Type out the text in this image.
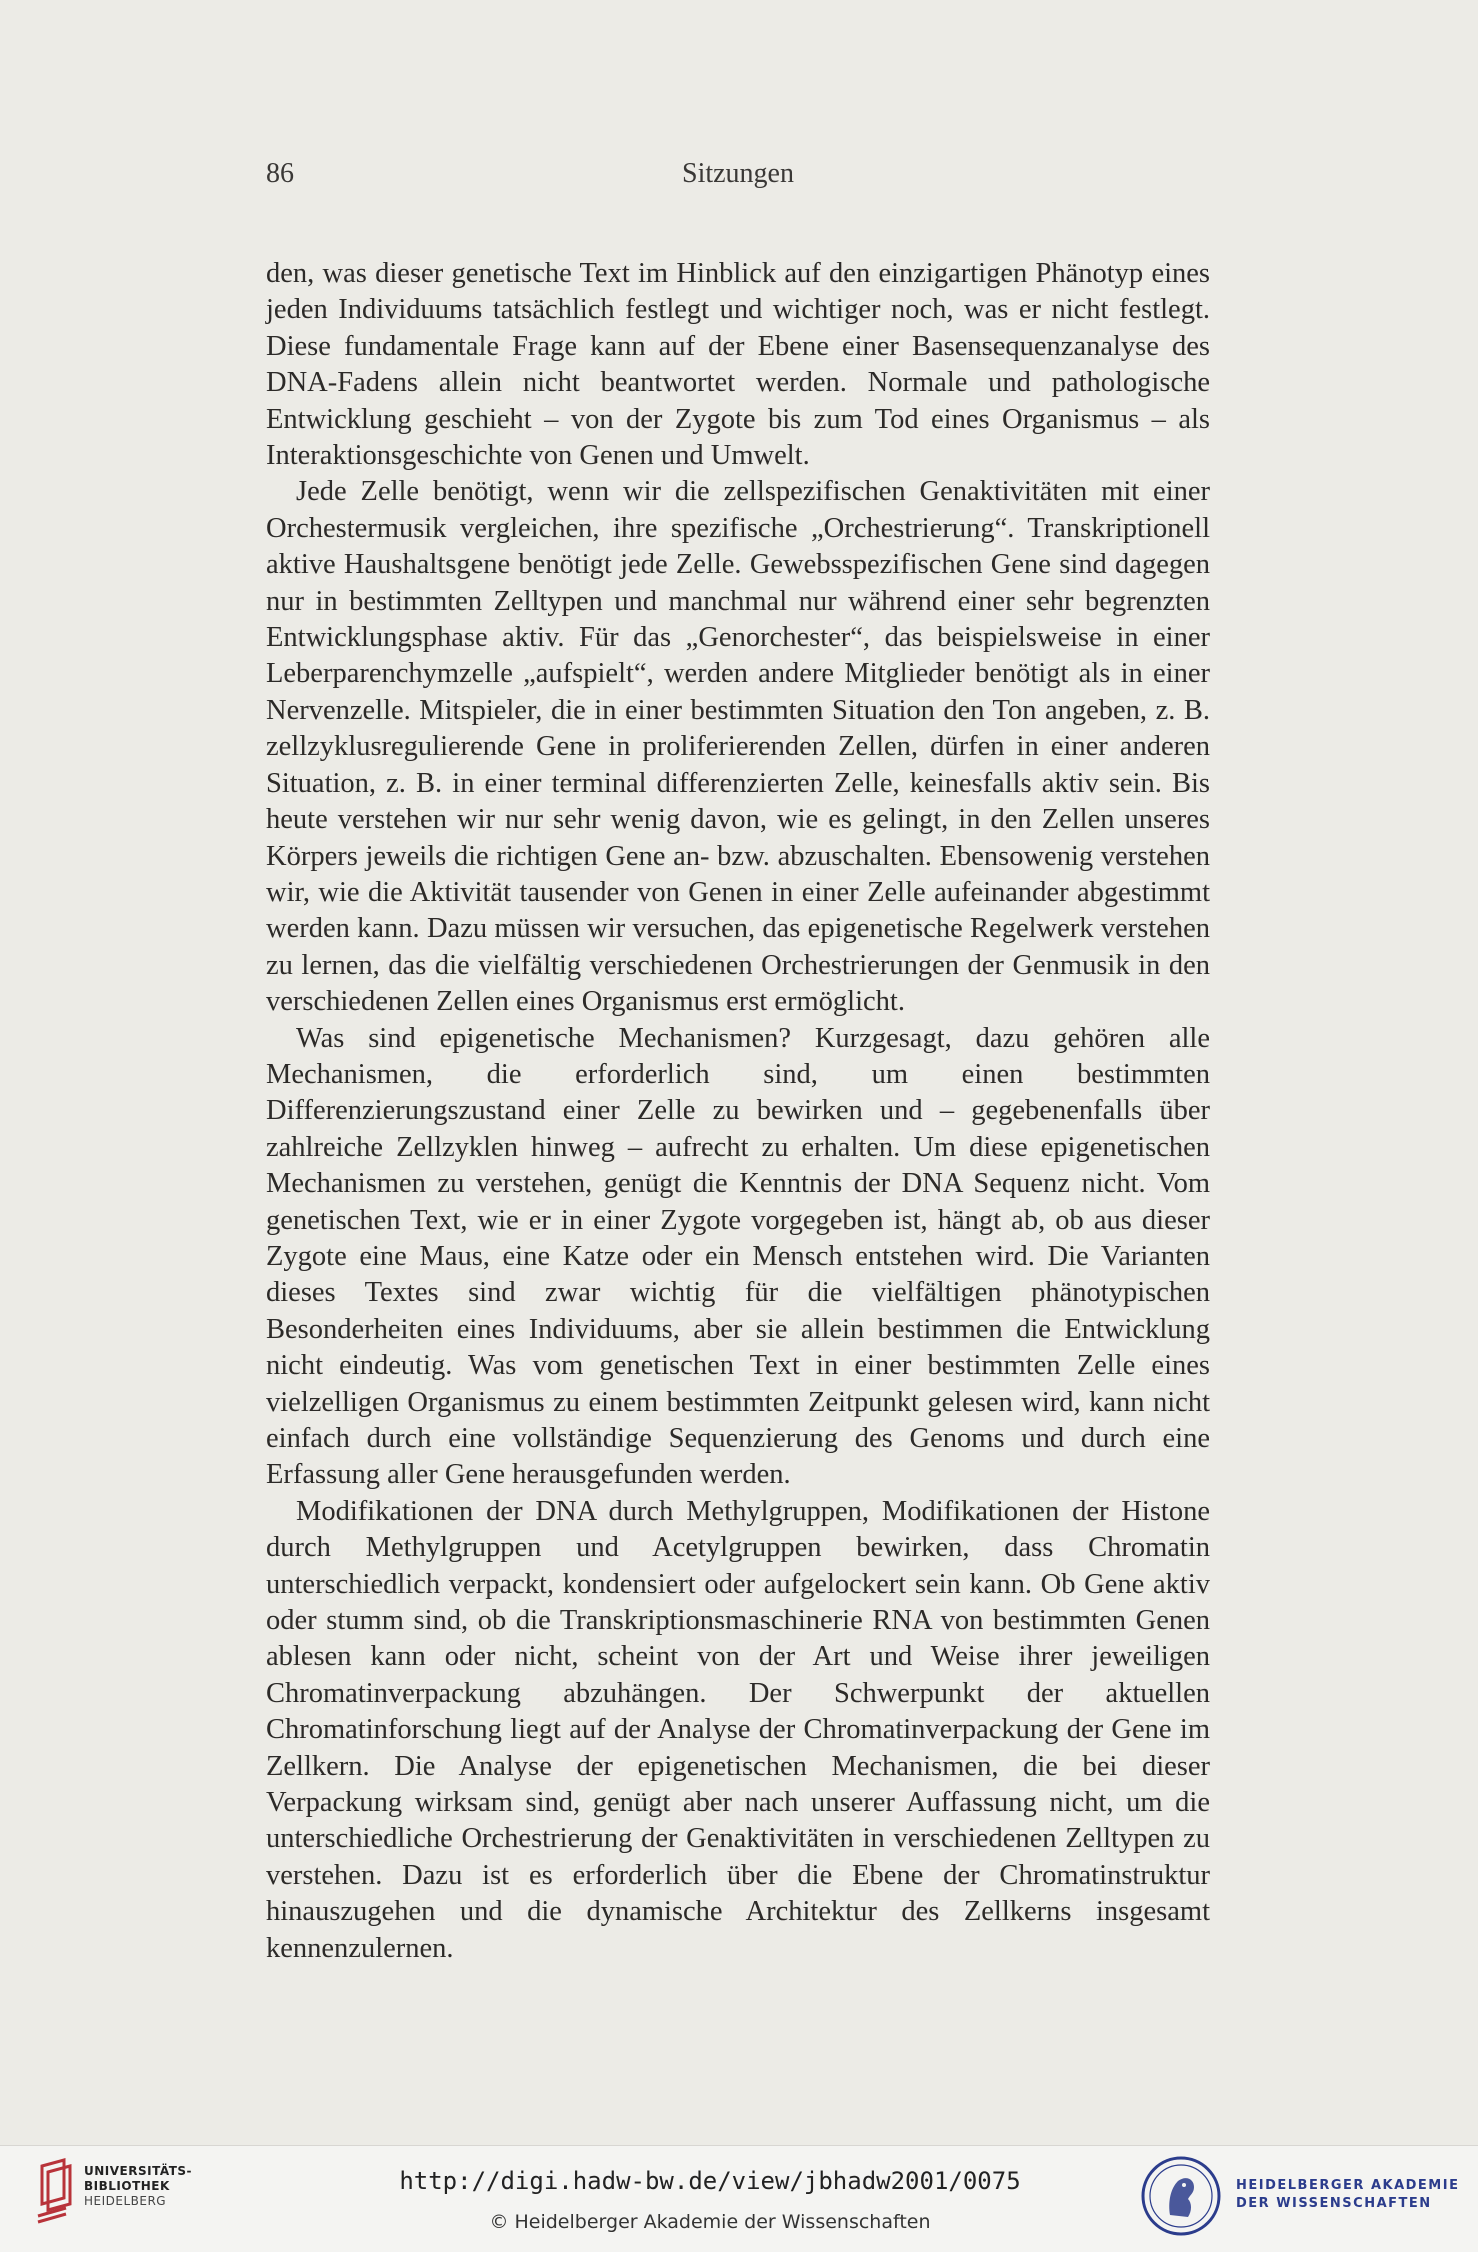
86	Sitzungen

den, was dieser genetische Text im Hinblick auf den einzigartigen Phänotyp eines jeden Individuums tatsächlich festlegt und wichtiger noch, was er nicht festlegt. Diese fundamentale Frage kann auf der Ebene einer Basensequenzanalyse des DNA-Fadens allein nicht beantwortet werden. Normale und pathologische Entwicklung geschieht – von der Zygote bis zum Tod eines Organismus – als Interaktionsgeschichte von Genen und Umwelt.

Jede Zelle benötigt, wenn wir die zellspezifischen Genaktivitäten mit einer Orchestermusik vergleichen, ihre spezifische „Orchestrierung“. Transkriptionell aktive Haushaltsgene benötigt jede Zelle. Gewebsspezifischen Gene sind dagegen nur in bestimmten Zelltypen und manchmal nur während einer sehr begrenzten Entwicklungsphase aktiv. Für das „Genorchester“, das beispielsweise in einer Leberparenchymzelle „aufspielt“, werden andere Mitglieder benötigt als in einer Nervenzelle. Mitspieler, die in einer bestimmten Situation den Ton angeben, z. B. zellzyklusregulierende Gene in proliferierenden Zellen, dürfen in einer anderen Situation, z. B. in einer terminal differenzierten Zelle, keinesfalls aktiv sein. Bis heute verstehen wir nur sehr wenig davon, wie es gelingt, in den Zellen unseres Körpers jeweils die richtigen Gene an- bzw. abzuschalten. Ebensowenig verstehen wir, wie die Aktivität tausender von Genen in einer Zelle aufeinander abgestimmt werden kann. Dazu müssen wir versuchen, das epigenetische Regelwerk verstehen zu lernen, das die vielfältig verschiedenen Orchestrierungen der Genmusik in den verschiedenen Zellen eines Organismus erst ermöglicht.

Was sind epigenetische Mechanismen? Kurzgesagt, dazu gehören alle Mechanismen, die erforderlich sind, um einen bestimmten Differenzierungszustand einer Zelle zu bewirken und – gegebenenfalls über zahlreiche Zellzyklen hinweg – aufrecht zu erhalten. Um diese epigenetischen Mechanismen zu verstehen, genügt die Kenntnis der DNA Sequenz nicht. Vom genetischen Text, wie er in einer Zygote vorgegeben ist, hängt ab, ob aus dieser Zygote eine Maus, eine Katze oder ein Mensch entstehen wird. Die Varianten dieses Textes sind zwar wichtig für die vielfältigen phänotypischen Besonderheiten eines Individuums, aber sie allein bestimmen die Entwicklung nicht eindeutig. Was vom genetischen Text in einer bestimmten Zelle eines vielzelligen Organismus zu einem bestimmten Zeitpunkt gelesen wird, kann nicht einfach durch eine vollständige Sequenzierung des Genoms und durch eine Erfassung aller Gene herausgefunden werden.

Modifikationen der DNA durch Methylgruppen, Modifikationen der Histone durch Methylgruppen und Acetylgruppen bewirken, dass Chromatin unterschiedlich verpackt, kondensiert oder aufgelockert sein kann. Ob Gene aktiv oder stumm sind, ob die Transkriptionsmaschinerie RNA von bestimmten Genen ablesen kann oder nicht, scheint von der Art und Weise ihrer jeweiligen Chromatinverpackung abzuhängen. Der Schwerpunkt der aktuellen Chromatinforschung liegt auf der Analyse der Chromatinverpackung der Gene im Zellkern. Die Analyse der epigenetischen Mechanismen, die bei dieser Verpackung wirksam sind, genügt aber nach unserer Auffassung nicht, um die unterschiedliche Orchestrierung der Genaktivitäten in verschiedenen Zelltypen zu verstehen. Dazu ist es erforderlich über die Ebene der Chromatinstruktur hinauszugehen und die dynamische Architektur des Zellkerns insgesamt kennenzulernen.

UNIVERSITÄTS-
BIBLIOTHEK
HEIDELBERG
http://digi.hadw-bw.de/view/jbhadw2001/0075
© Heidelberger Akademie der Wissenschaften
HEIDELBERGER AKADEMIE
DER WISSENSCHAFTEN
